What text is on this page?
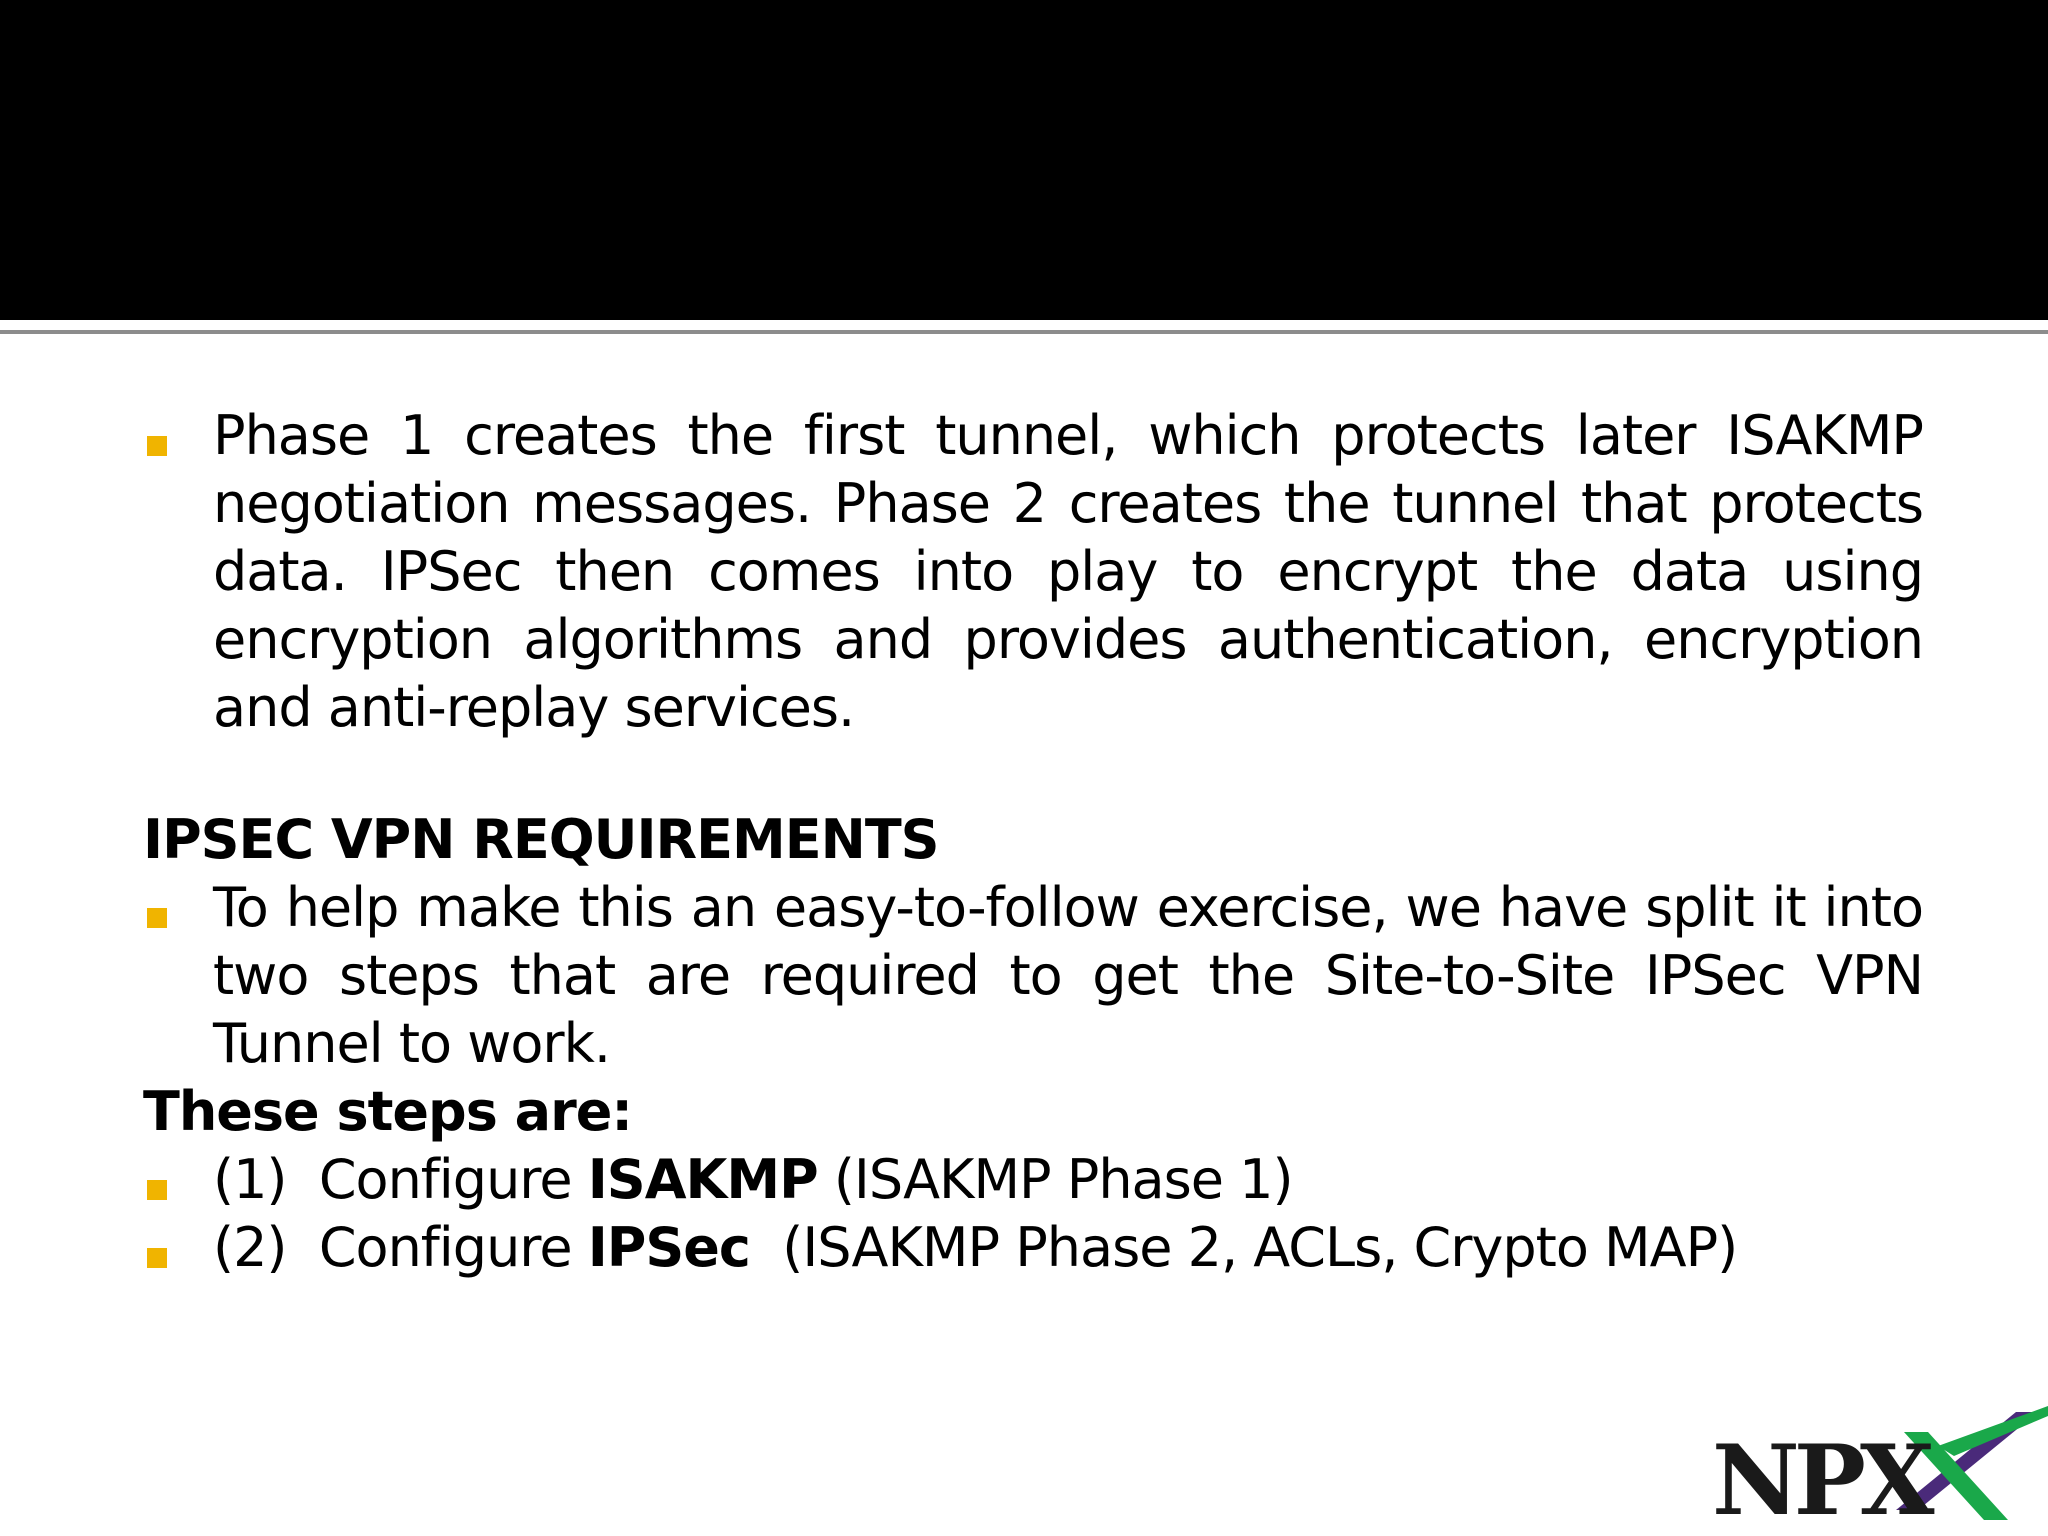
Phase 1 creates the first tunnel, which protects later ISAKMP negotiation messages. Phase 2 creates the tunnel that protects data. IPSec then comes into play to encrypt the data using encryption algorithms and provides authentication, encryption and anti-replay services.
IPSEC VPN REQUIREMENTS
To help make this an easy-to-follow exercise, we have split it into two steps that are required to get the Site-to-Site IPSec VPN Tunnel to work.
These steps are:
(1)  Configure ISAKMP (ISAKMP Phase 1)
(2)  Configure IPSec  (ISAKMP Phase 2, ACLs, Crypto MAP)
NPX
